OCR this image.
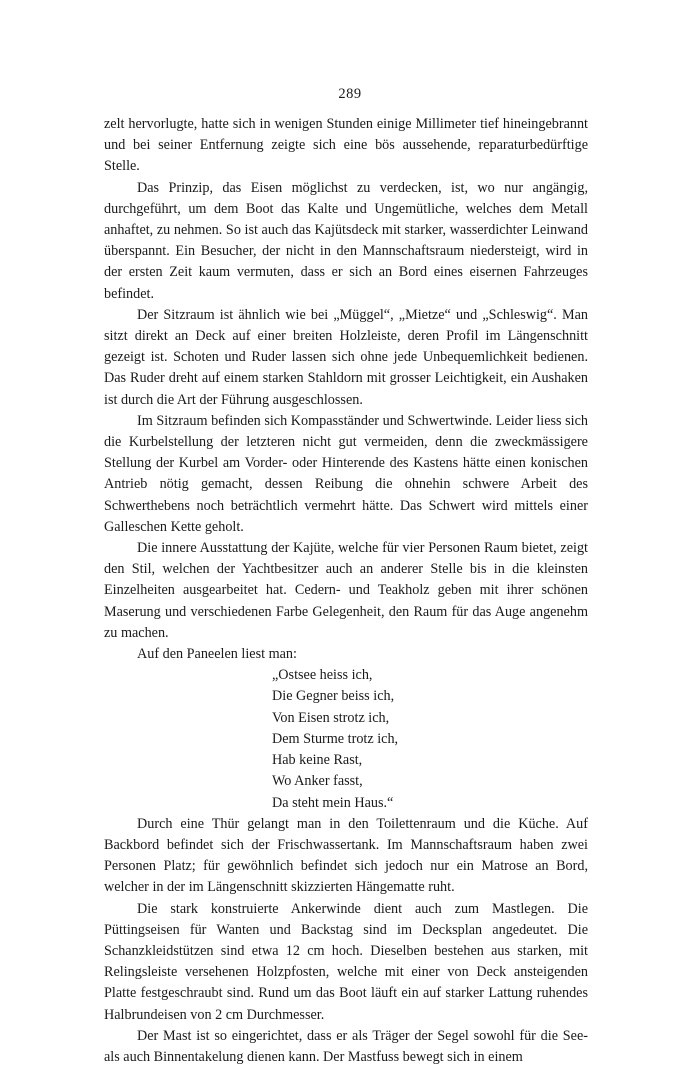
289

zelt hervorlugte, hatte sich in wenigen Stunden einige Millimeter tief hineingebrannt und bei seiner Entfernung zeigte sich eine bös aussehende, reparaturbedürftige Stelle.

Das Prinzip, das Eisen möglichst zu verdecken, ist, wo nur angängig, durchgeführt, um dem Boot das Kalte und Ungemütliche, welches dem Metall anhaftet, zu nehmen. So ist auch das Kajütsdeck mit starker, wasserdichter Leinwand überspannt. Ein Besucher, der nicht in den Mannschaftsraum niedersteigt, wird in der ersten Zeit kaum vermuten, dass er sich an Bord eines eisernen Fahrzeuges befindet.

Der Sitzraum ist ähnlich wie bei „Müggel“, „Mietze“ und „Schleswig“. Man sitzt direkt an Deck auf einer breiten Holzleiste, deren Profil im Längenschnitt gezeigt ist. Schoten und Ruder lassen sich ohne jede Unbequemlichkeit bedienen. Das Ruder dreht auf einem starken Stahldorn mit grosser Leichtigkeit, ein Aushaken ist durch die Art der Führung ausgeschlossen.

Im Sitzraum befinden sich Kompasständer und Schwertwinde. Leider liess sich die Kurbelstellung der letzteren nicht gut vermeiden, denn die zweckmässigere Stellung der Kurbel am Vorder- oder Hinterende des Kastens hätte einen konischen Antrieb nötig gemacht, dessen Reibung die ohnehin schwere Arbeit des Schwerthebens noch beträchtlich vermehrt hätte. Das Schwert wird mittels einer Galleschen Kette geholt.

Die innere Ausstattung der Kajüte, welche für vier Personen Raum bietet, zeigt den Stil, welchen der Yachtbesitzer auch an anderer Stelle bis in die kleinsten Einzelheiten ausgearbeitet hat. Cedern- und Teakholz geben mit ihrer schönen Maserung und verschiedenen Farbe Gelegenheit, den Raum für das Auge angenehm zu machen.

Auf den Paneelen liest man:

„Ostsee heiss ich,
Die Gegner beiss ich,
Von Eisen strotz ich,
Dem Sturme trotz ich,
Hab keine Rast,
Wo Anker fasst,
Da steht mein Haus.“

Durch eine Thür gelangt man in den Toilettenraum und die Küche. Auf Backbord befindet sich der Frischwassertank. Im Mannschaftsraum haben zwei Personen Platz; für gewöhnlich befindet sich jedoch nur ein Matrose an Bord, welcher in der im Längenschnitt skizzierten Hängematte ruht.

Die stark konstruierte Ankerwinde dient auch zum Mastlegen. Die Püttingseisen für Wanten und Backstag sind im Decksplan angedeutet. Die Schanzkleidstützen sind etwa 12 cm hoch. Dieselben bestehen aus starken, mit Relingsleiste versehenen Holzpfosten, welche mit einer von Deck ansteigenden Platte festgeschraubt sind. Rund um das Boot läuft ein auf starker Lattung ruhendes Halbrundeisen von 2 cm Durchmesser.

Der Mast ist so eingerichtet, dass er als Träger der Segel sowohl für die See- als auch Binnentakelung dienen kann. Der Mastfuss bewegt sich in einem
